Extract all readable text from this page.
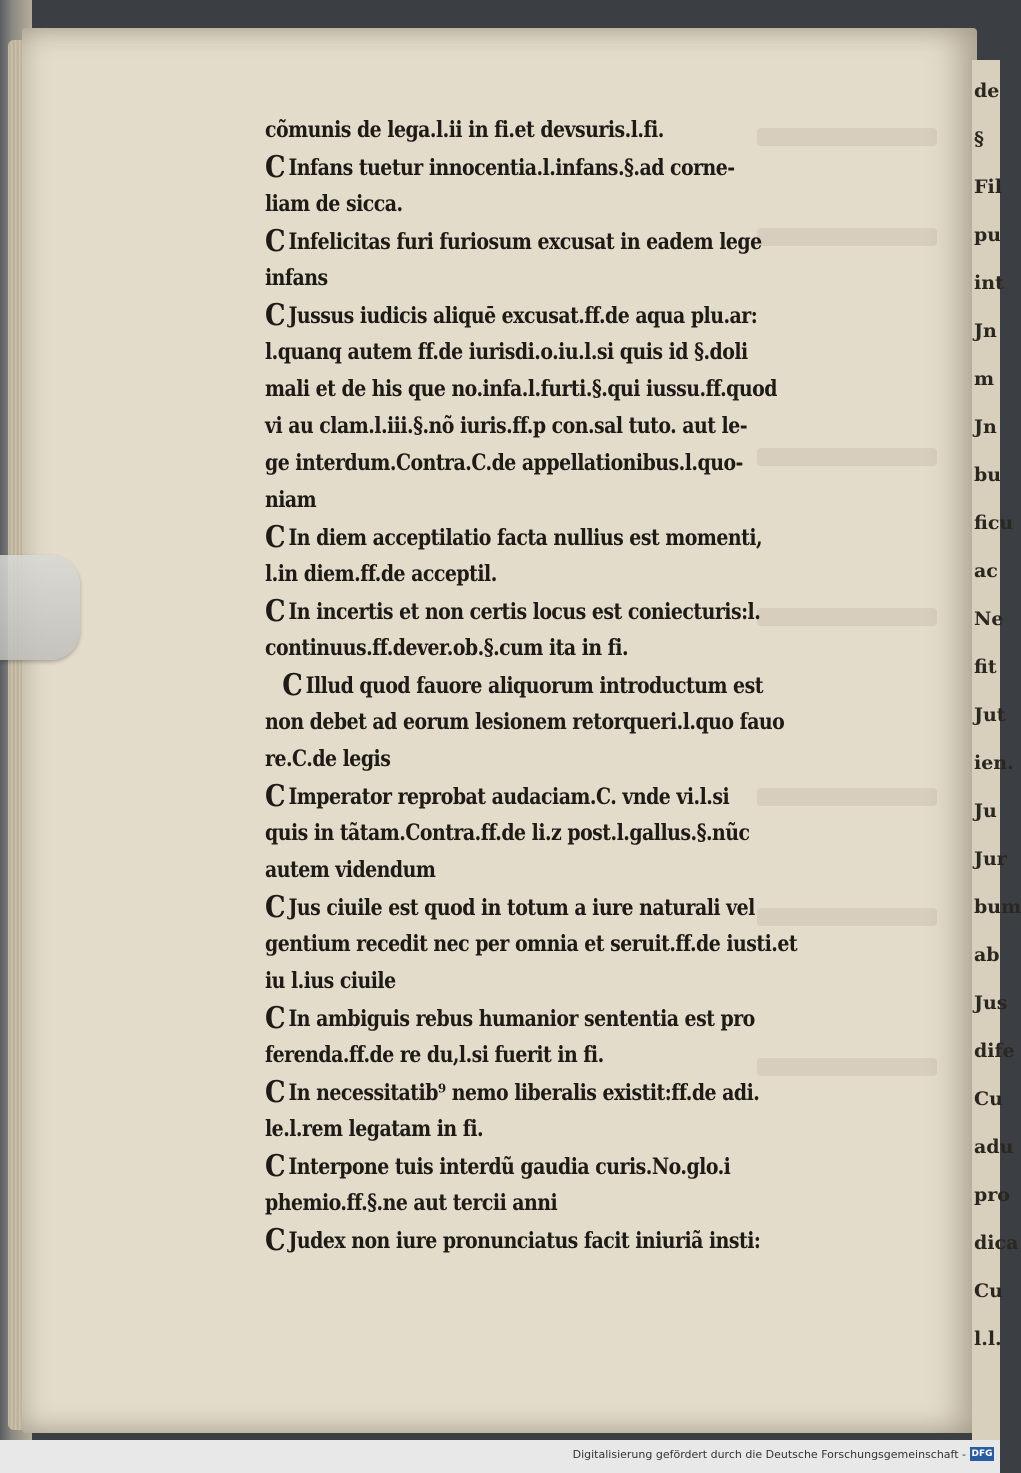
de
§
Fil
pu
int
Jn
m
Jn
bu
ficu
ac
Ne
fit
Jut
ien.
Ju
Jur
bum
ab
Jus
dife
Cu
adu
pro
dica
Cu
l.l.
cõmunis de lega.l.ii in fi.et devsuris.l.fi.
C Infans tuetur innocentia.l.infans.§.ad corne-
liam de sicca.
C Infelicitas furi furiosum excusat in eadem lege
infans
C Jussus iudicis aliquē excusat.ff.de aqua plu.ar:
l.quanq autem ff.de iurisdi.o.iu.l.si quis id §.doli
mali et de his que no.infa.l.furti.§.qui iussu.ff.quod
vi au clam.l.iii.§.nõ iuris.ff.p con.sal tuto. aut le-
ge interdum.Contra.C.de appellationibus.l.quo-
niam
C In diem acceptilatio facta nullius est momenti,
l.in diem.ff.de acceptil.
C In incertis et non certis locus est coniecturis:l.
continuus.ff.dever.ob.§.cum ita in fi.
C Illud quod fauore aliquorum introductum est
non debet ad eorum lesionem retorqueri.l.quo fauo
re.C.de legis
C Imperator reprobat audaciam.C. vnde vi.l.si
quis in tãtam.Contra.ff.de li.z post.l.gallus.§.nũc
autem videndum
C Jus ciuile est quod in totum a iure naturali vel
gentium recedit nec per omnia et seruit.ff.de iusti.et
iu l.ius ciuile
C In ambiguis rebus humanior sententia est pro
ferenda.ff.de re du,l.si fuerit in fi.
C In necessitatib⁹ nemo liberalis existit:ff.de adi.
le.l.rem legatam in fi.
C Interpone tuis interdũ gaudia curis.No.glo.i
phemio.ff.§.ne aut tercii anni
C Judex non iure pronunciatus facit iniuriã insti:
Digitalisierung gefördert durch die Deutsche Forschungsgemeinschaft - DFG
